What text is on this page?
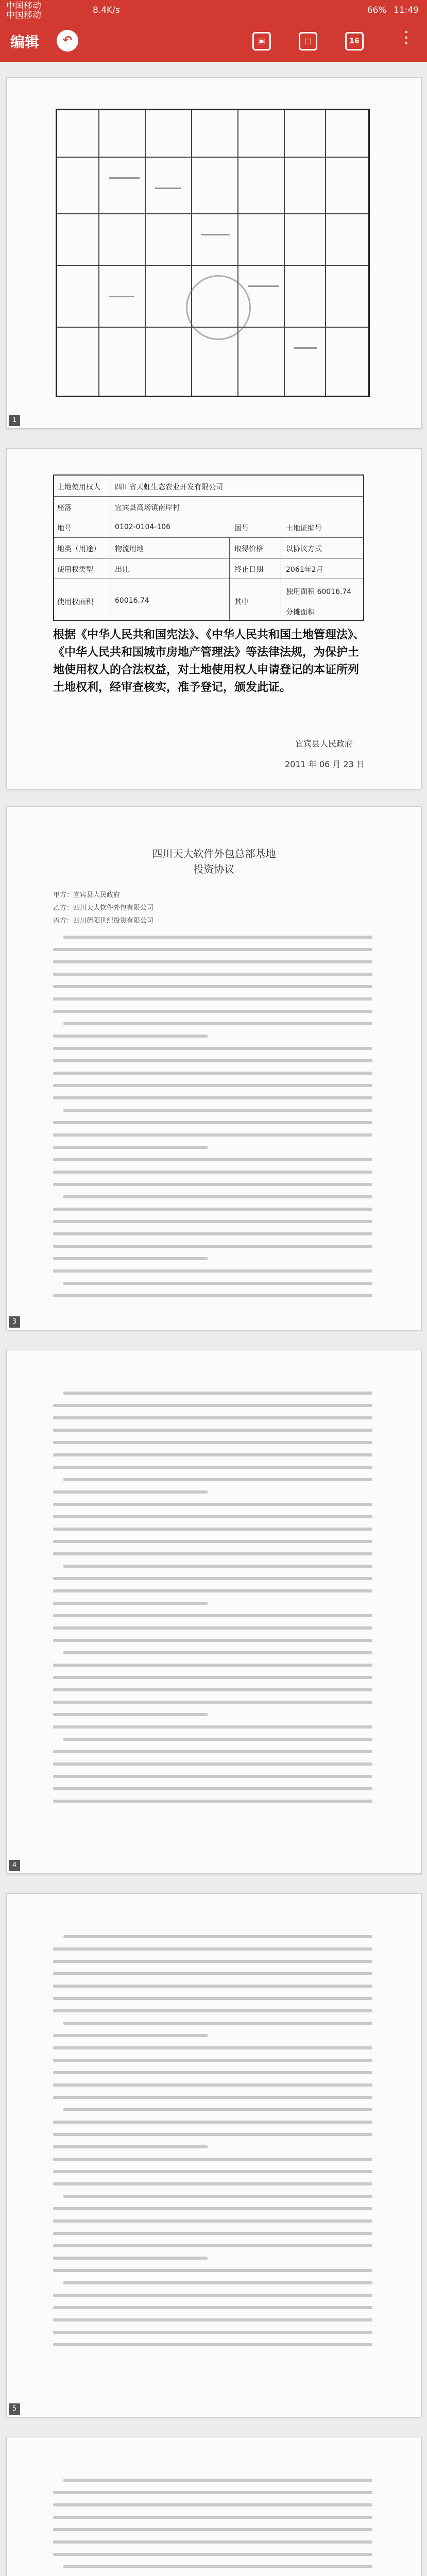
中国移动
中国移动	8.4K/s	66% 11:49
编辑	↶	▣	▤	16 ⋮
1
土地使用权人 四川省天虹生态农业开发有限公司
座落	宜宾县高场镇南岸村
地号	0102-0104-106	图号	土地证编号
地类（用途） 物流用地	取得价格	以协议方式
使用权类型	出让	终止日期	2061年2月
使用权面积	60016.74	其中
独用面积 60016.74
分摊面积
根据《中华人民共和国宪法》、《中华人民共和国土地管理法》、《中华人民共和国城市房地产管理法》等法律法规，为保护土地使用权人的合法权益，对土地使用权人申请登记的本证所列土地权利，经审查核实，准予登记，颁发此证。
宜宾县人民政府
2011 年 06 月 23 日
四川天大软件外包总部基地
投资协议
甲方：宜宾县人民政府
乙方：四川天大软件外包有限公司
丙方：四川德阳世纪投资有限公司
3
4
5
